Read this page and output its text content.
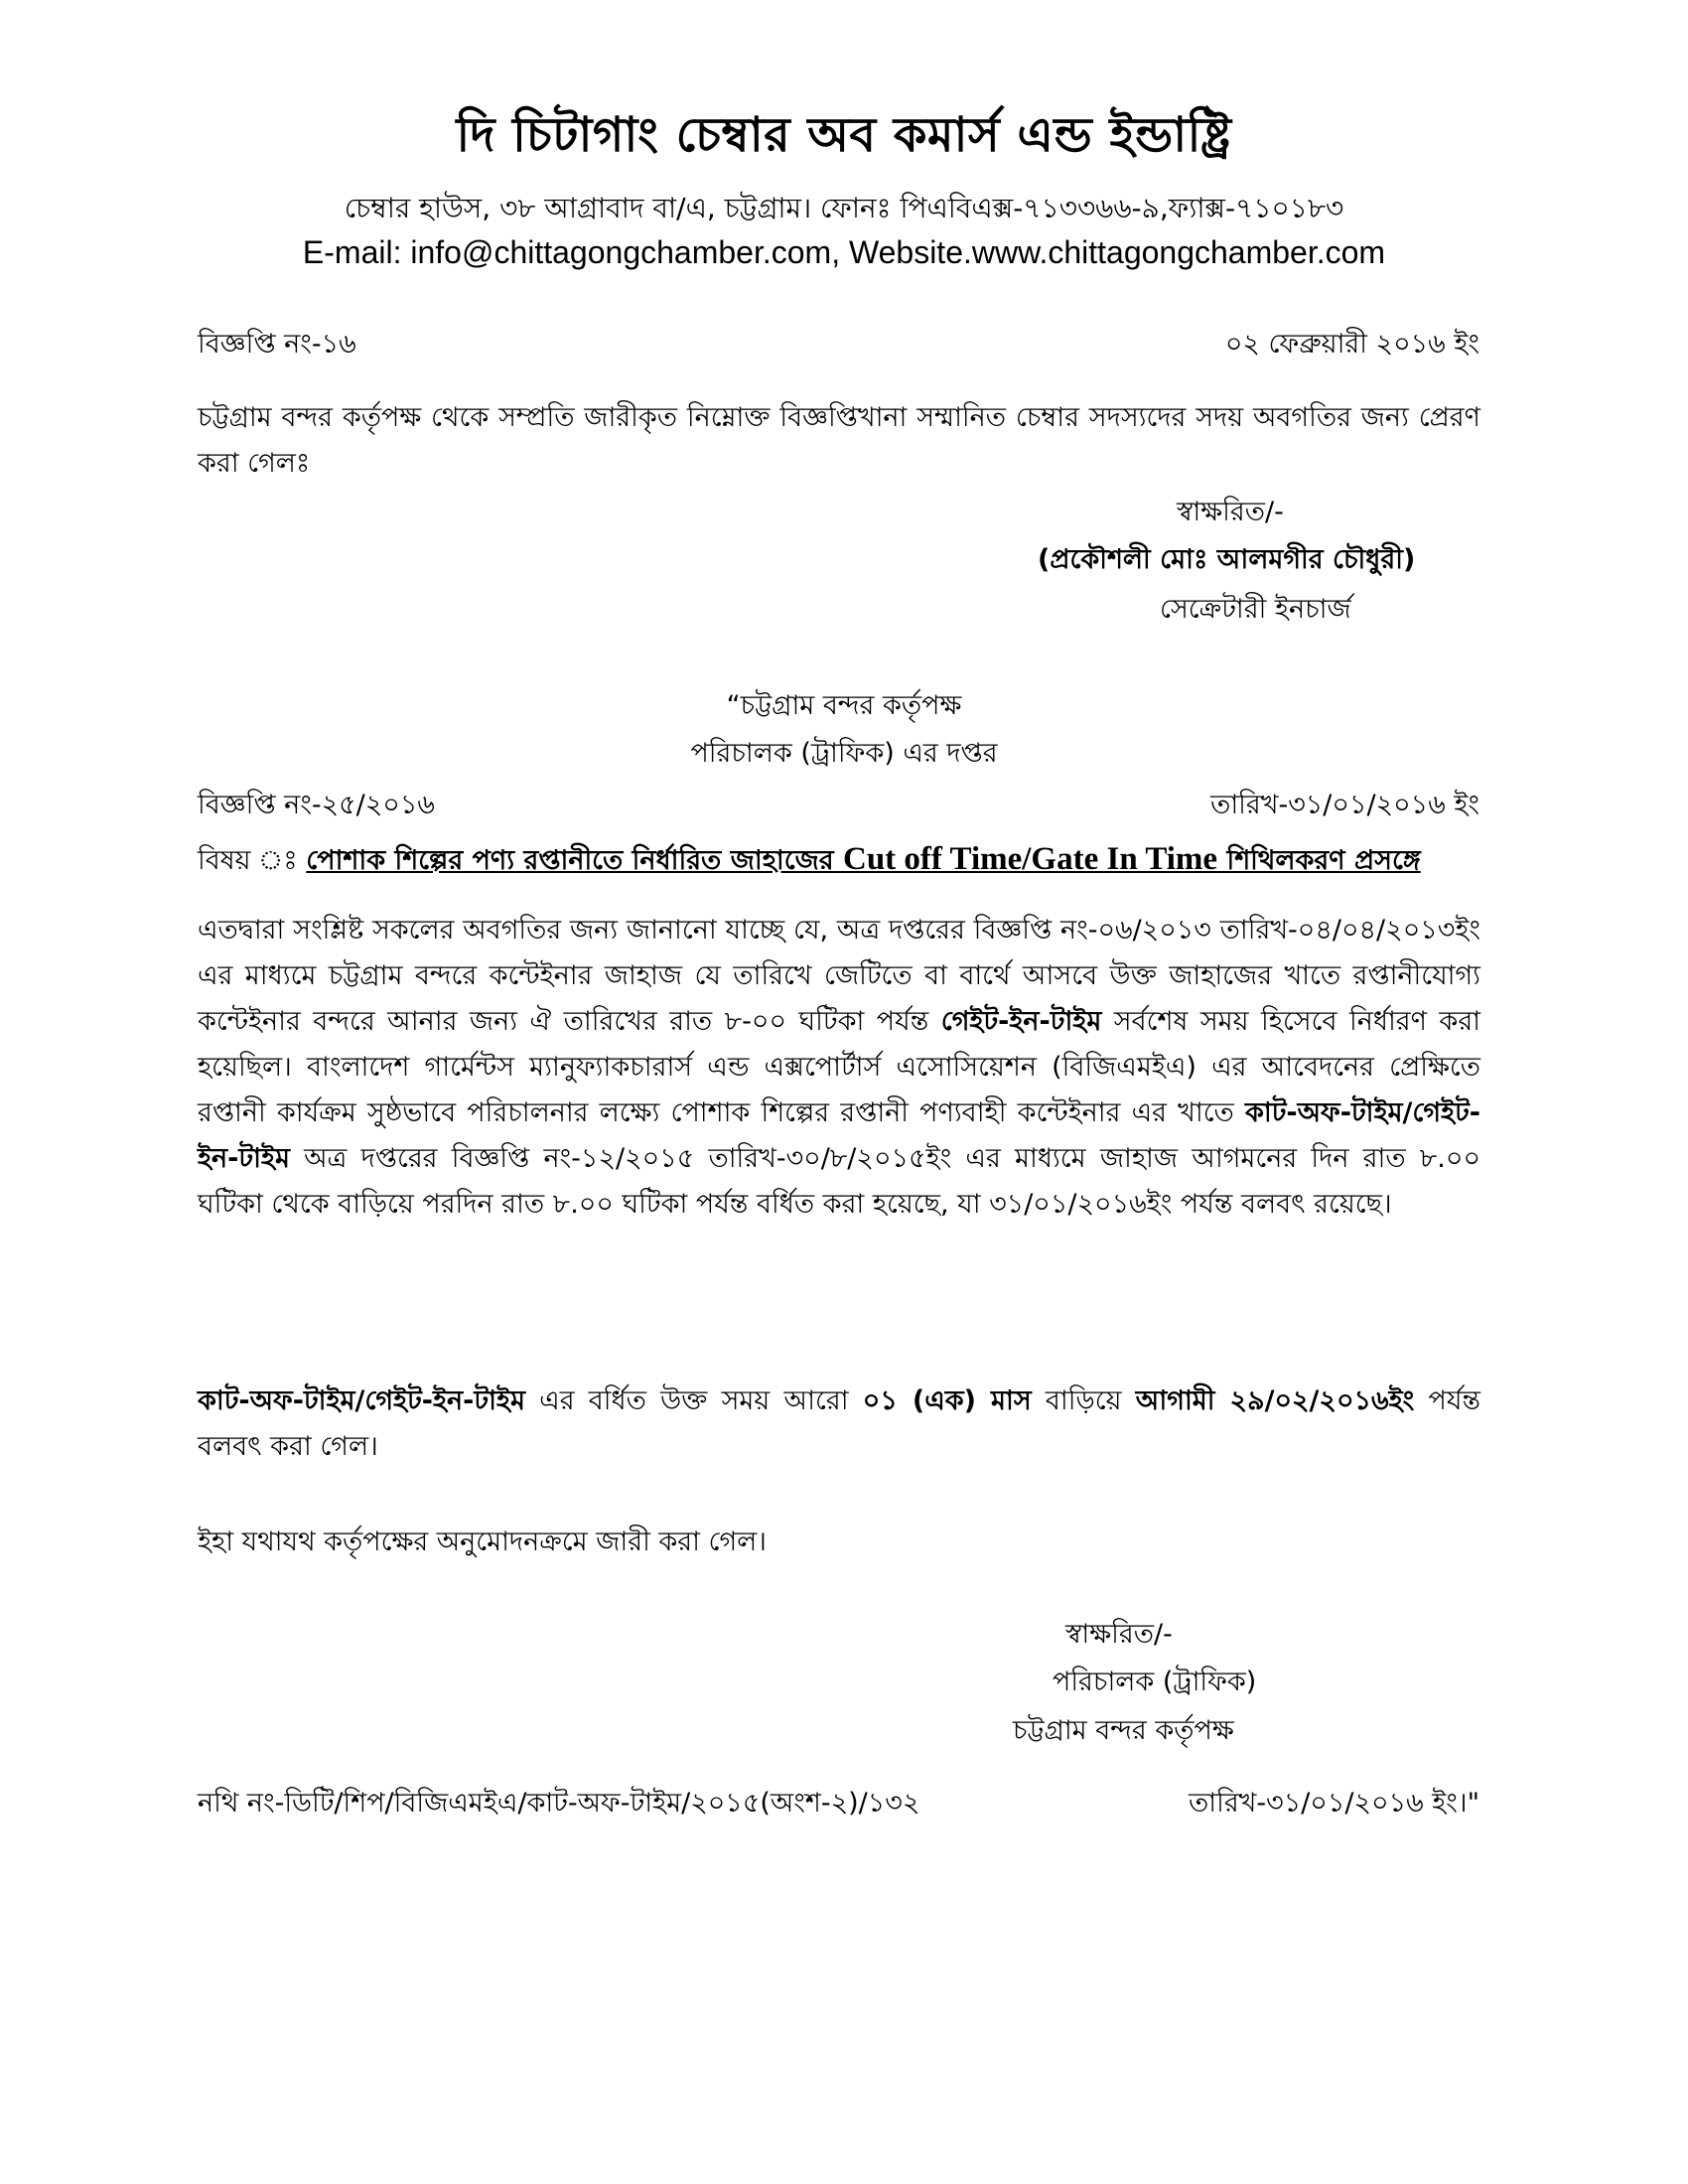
দি চিটাগাং চেম্বার অব কমার্স এন্ড ইন্ডাষ্ট্রি
চেম্বার হাউস, ৩৮ আগ্রাবাদ বা/এ, চট্টগ্রাম। ফোনঃ পিএবিএক্স-৭১৩৩৬৬-৯,ফ্যাক্স-৭১০১৮৩
E-mail: info@chittagongchamber.com, Website.www.chittagongchamber.com
বিজ্ঞপ্তি নং-১৬	০২ ফেব্রুয়ারী ২০১৬ ইং
চট্টগ্রাম বন্দর কর্তৃপক্ষ থেকে সম্প্রতি জারীকৃত নিম্নোক্ত বিজ্ঞপ্তিখানা সম্মানিত চেম্বার সদস্যদের সদয় অবগতির জন্য প্রেরণ করা গেলঃ
স্বাক্ষরিত/-
(প্রকৌশলী মোঃ আলমগীর চৌধুরী)
সেক্রেটারী ইনচার্জ
“চট্টগ্রাম বন্দর কর্তৃপক্ষ
পরিচালক (ট্রাফিক) এর দপ্তর
বিজ্ঞপ্তি নং-২৫/২০১৬	তারিখ-৩১/০১/২০১৬ ইং
বিষয় ঃ পোশাক শিল্পের পণ্য রপ্তানীতে নির্ধারিত জাহাজের Cut off Time/Gate In Time শিথিলকরণ প্রসঙ্গে
এতদ্বারা সংশ্লিষ্ট সকলের অবগতির জন্য জানানো যাচ্ছে যে, অত্র দপ্তরের বিজ্ঞপ্তি নং-০৬/২০১৩ তারিখ-০৪/০৪/২০১৩ইং এর মাধ্যমে চট্টগ্রাম বন্দরে কন্টেইনার জাহাজ যে তারিখে জেটিতে বা বার্থে আসবে উক্ত জাহাজের খাতে রপ্তানীযোগ্য কন্টেইনার বন্দরে আনার জন্য ঐ তারিখের রাত ৮-০০ ঘটিকা পর্যন্ত গেইট-ইন-টাইম সর্বশেষ সময় হিসেবে নির্ধারণ করা হয়েছিল। বাংলাদেশ গার্মেন্টস ম্যানুফ্যাকচারার্স এন্ড এক্সপোর্টার্স এসোসিয়েশন (বিজিএমইএ) এর আবেদনের প্রেক্ষিতে রপ্তানী কার্যক্রম সুষ্ঠভাবে পরিচালনার লক্ষ্যে পোশাক শিল্পের রপ্তানী পণ্যবাহী কন্টেইনার এর খাতে কাট-অফ-টাইম/গেইট-ইন-টাইম অত্র দপ্তরের বিজ্ঞপ্তি নং-১২/২০১৫ তারিখ-৩০/৮/২০১৫ইং এর মাধ্যমে জাহাজ আগমনের দিন রাত ৮.০০ ঘটিকা থেকে বাড়িয়ে পরদিন রাত ৮.০০ ঘটিকা পর্যন্ত বর্ধিত করা হয়েছে, যা ৩১/০১/২০১৬ইং পর্যন্ত বলবৎ রয়েছে।
কাট-অফ-টাইম/গেইট-ইন-টাইম এর বর্ধিত উক্ত সময় আরো ০১ (এক) মাস বাড়িয়ে আগামী ২৯/০২/২০১৬ইং পর্যন্ত বলবৎ করা গেল।
ইহা যথাযথ কর্তৃপক্ষের অনুমোদনক্রমে জারী করা গেল।
স্বাক্ষরিত/-
পরিচালক (ট্রাফিক)
চট্টগ্রাম বন্দর কর্তৃপক্ষ
নথি নং-ডিটি/শিপ/বিজিএমইএ/কাট-অফ-টাইম/২০১৫(অংশ-২)/১৩২	তারিখ-৩১/০১/২০১৬ ইং।"
